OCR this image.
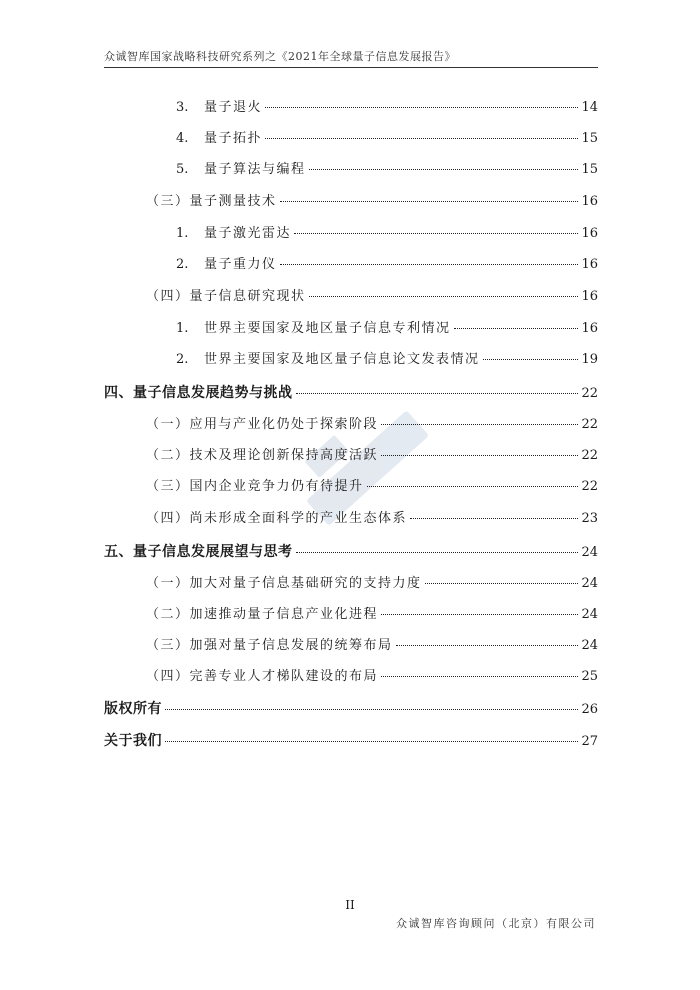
众诚智库国家战略科技研究系列之《2021年全球量子信息发展报告》
3.	量子退火	14
4.	量子拓扑	15
5.	量子算法与编程	15
（三）量子测量技术	16
1.	量子激光雷达	16
2.	量子重力仪	16
（四）量子信息研究现状	16
1.	世界主要国家及地区量子信息专利情况	16
2.	世界主要国家及地区量子信息论文发表情况	19
四、量子信息发展趋势与挑战	22
（一）应用与产业化仍处于探索阶段	22
（二）技术及理论创新保持高度活跃	22
（三）国内企业竞争力仍有待提升	22
（四）尚未形成全面科学的产业生态体系	23
五、量子信息发展展望与思考	24
（一）加大对量子信息基础研究的支持力度	24
（二）加速推动量子信息产业化进程	24
（三）加强对量子信息发展的统筹布局	24
（四）完善专业人才梯队建设的布局	25
版权所有	26
关于我们	27
II
众诚智库咨询顾问（北京）有限公司
